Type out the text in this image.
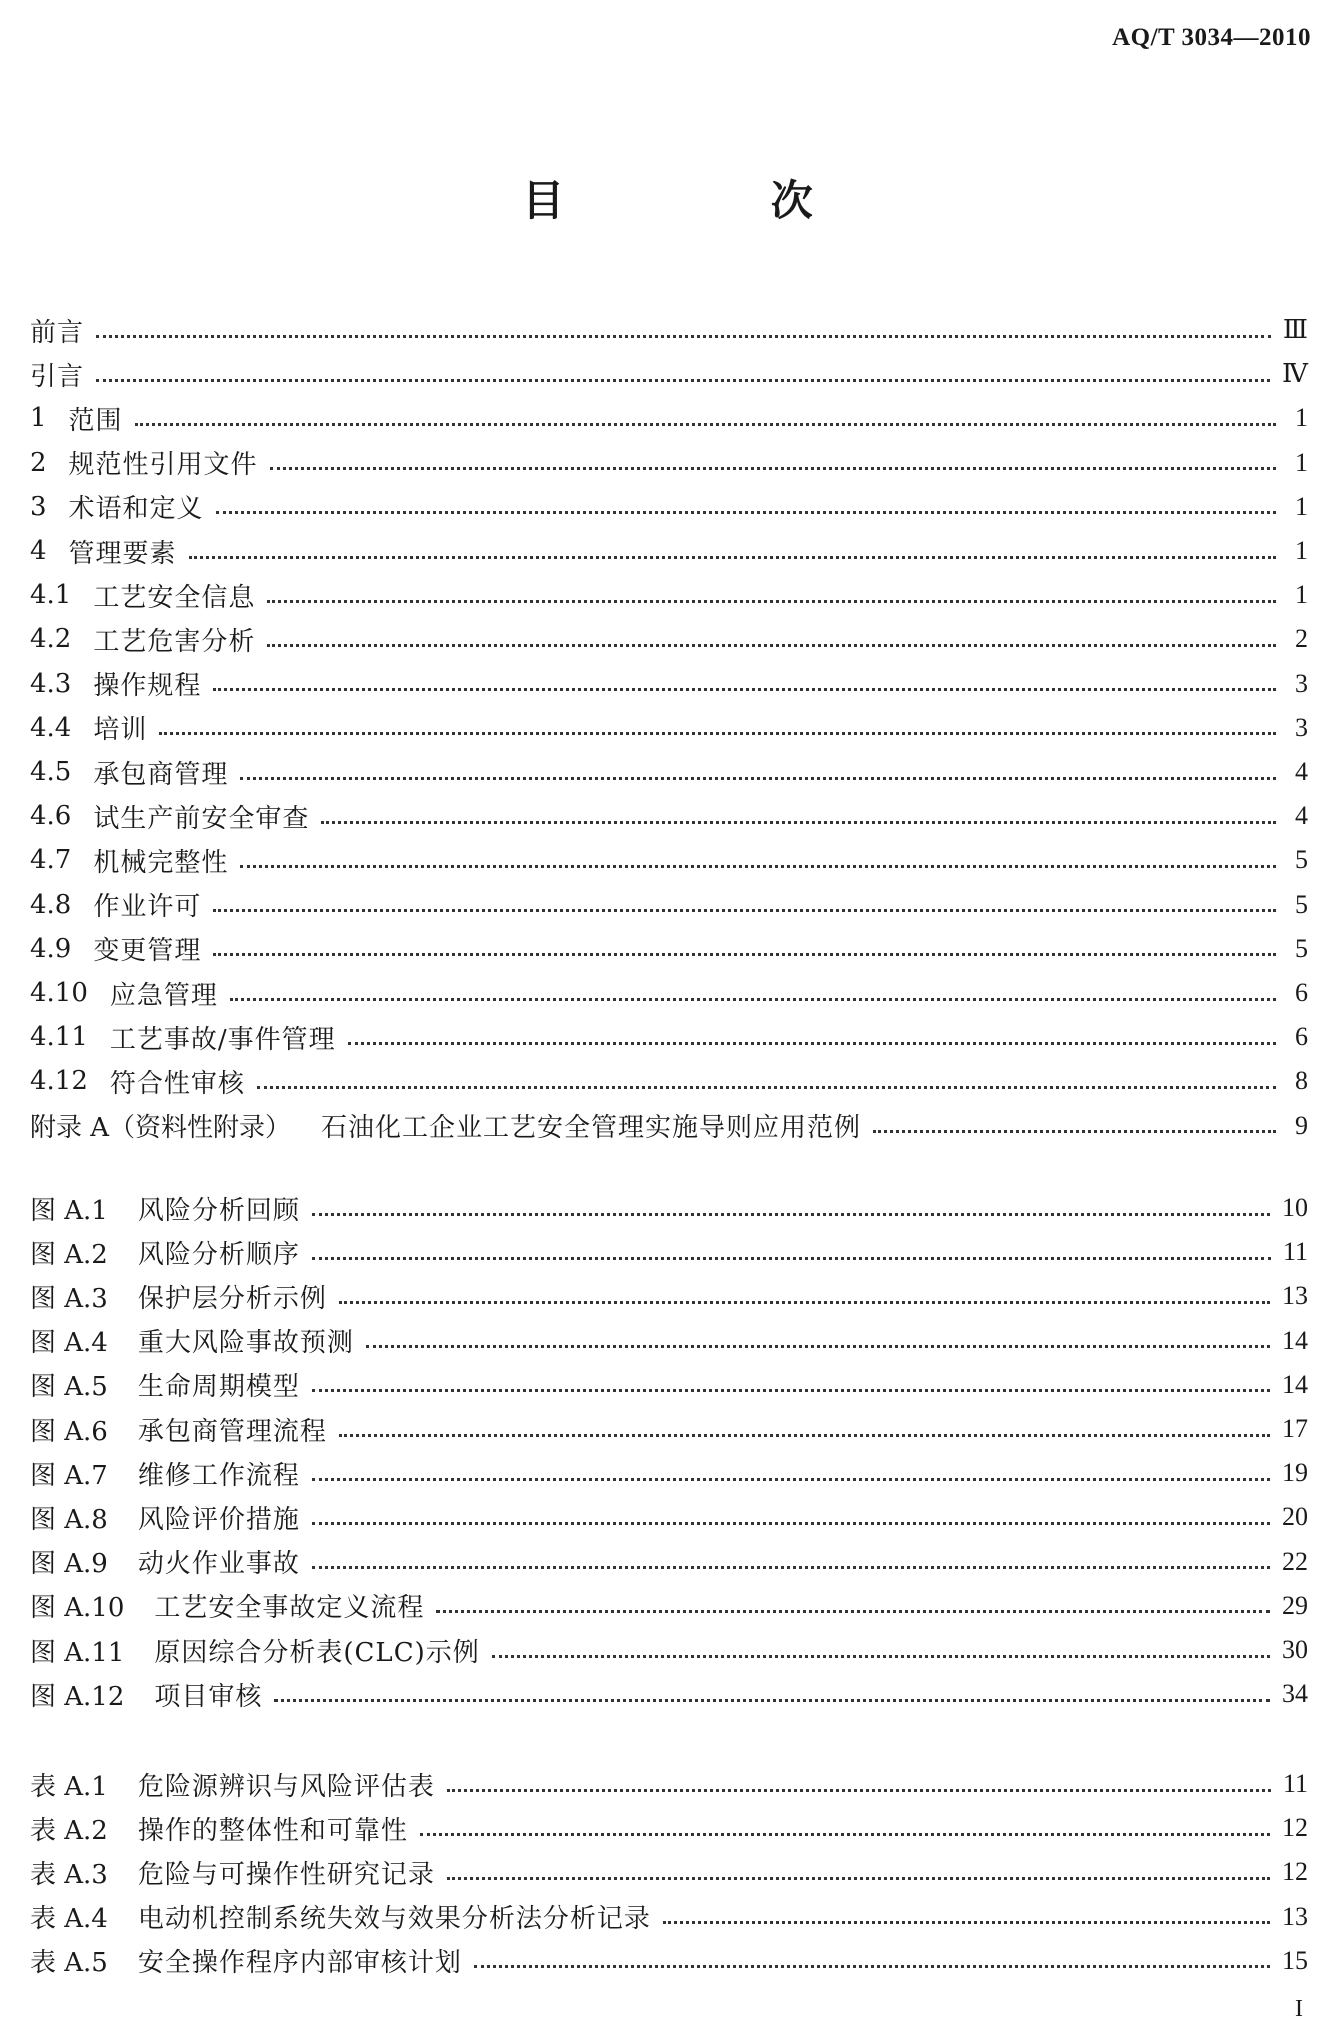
AQ/T 3034—2010
目 次
前言	Ⅲ
引言	Ⅳ
1 范围	1
2 规范性引用文件	1
3 术语和定义	1
4 管理要素	1
4.1 工艺安全信息	1
4.2 工艺危害分析	2
4.3 操作规程	3
4.4 培训	3
4.5 承包商管理	4
4.6 试生产前安全审查	4
4.7 机械完整性	5
4.8 作业许可	5
4.9 变更管理	5
4.10 应急管理	6
4.11 工艺事故/事件管理	6
4.12 符合性审核	8
附录 A（资料性附录） 石油化工企业工艺安全管理实施导则应用范例	9
图 A.1 风险分析回顾	10
图 A.2 风险分析顺序	11
图 A.3 保护层分析示例	13
图 A.4 重大风险事故预测	14
图 A.5 生命周期模型	14
图 A.6 承包商管理流程	17
图 A.7 维修工作流程	19
图 A.8 风险评价措施	20
图 A.9 动火作业事故	22
图 A.10 工艺安全事故定义流程	29
图 A.11 原因综合分析表(CLC)示例	30
图 A.12 项目审核	34
表 A.1 危险源辨识与风险评估表	11
表 A.2 操作的整体性和可靠性	12
表 A.3 危险与可操作性研究记录	12
表 A.4 电动机控制系统失效与效果分析法分析记录	13
表 A.5 安全操作程序内部审核计划	15
I
